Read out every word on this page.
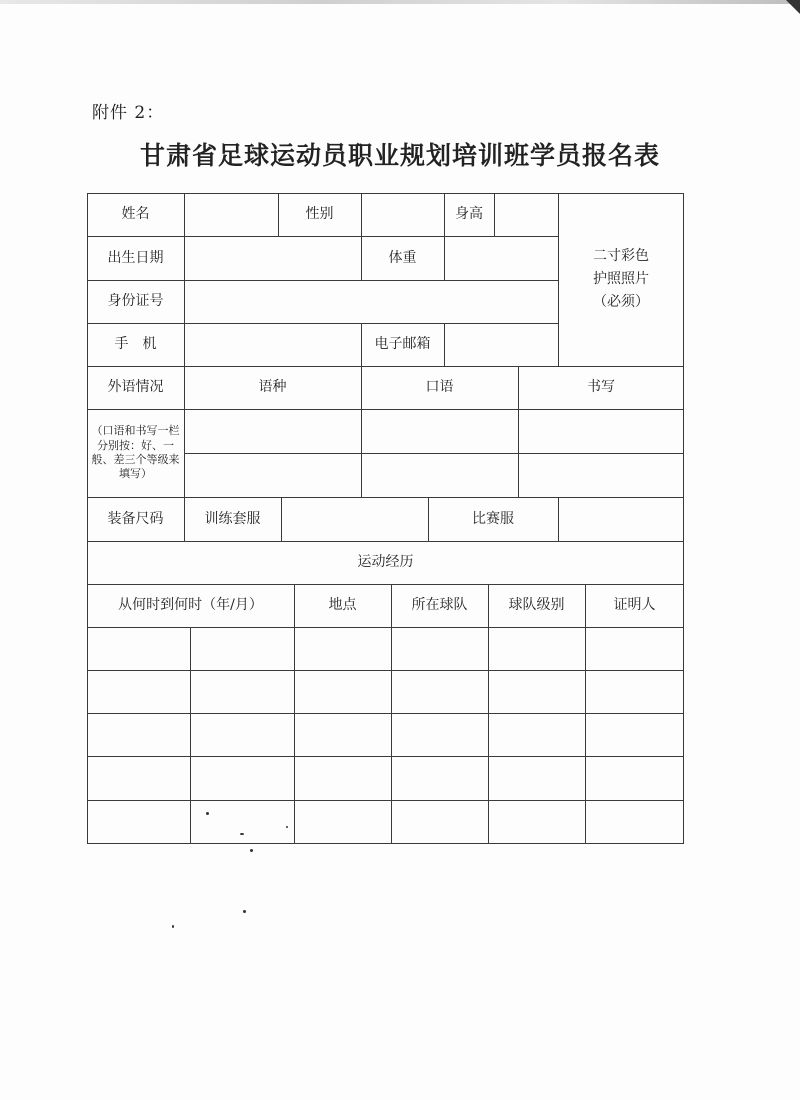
附件 2：
甘肃省足球运动员职业规划培训班学员报名表
姓名	性别	身高
二寸彩色
护照照片
（必须）
出生日期	体重
身份证号
手　机	电子邮箱
外语情况	语种	口语	书写
（口语和书写一栏分别按：好、一般、差三个等级来填写）
装备尺码	训练套服	比赛服
运动经历
从何时到何时（年/月）	地点	所在球队	球队级别	证明人
